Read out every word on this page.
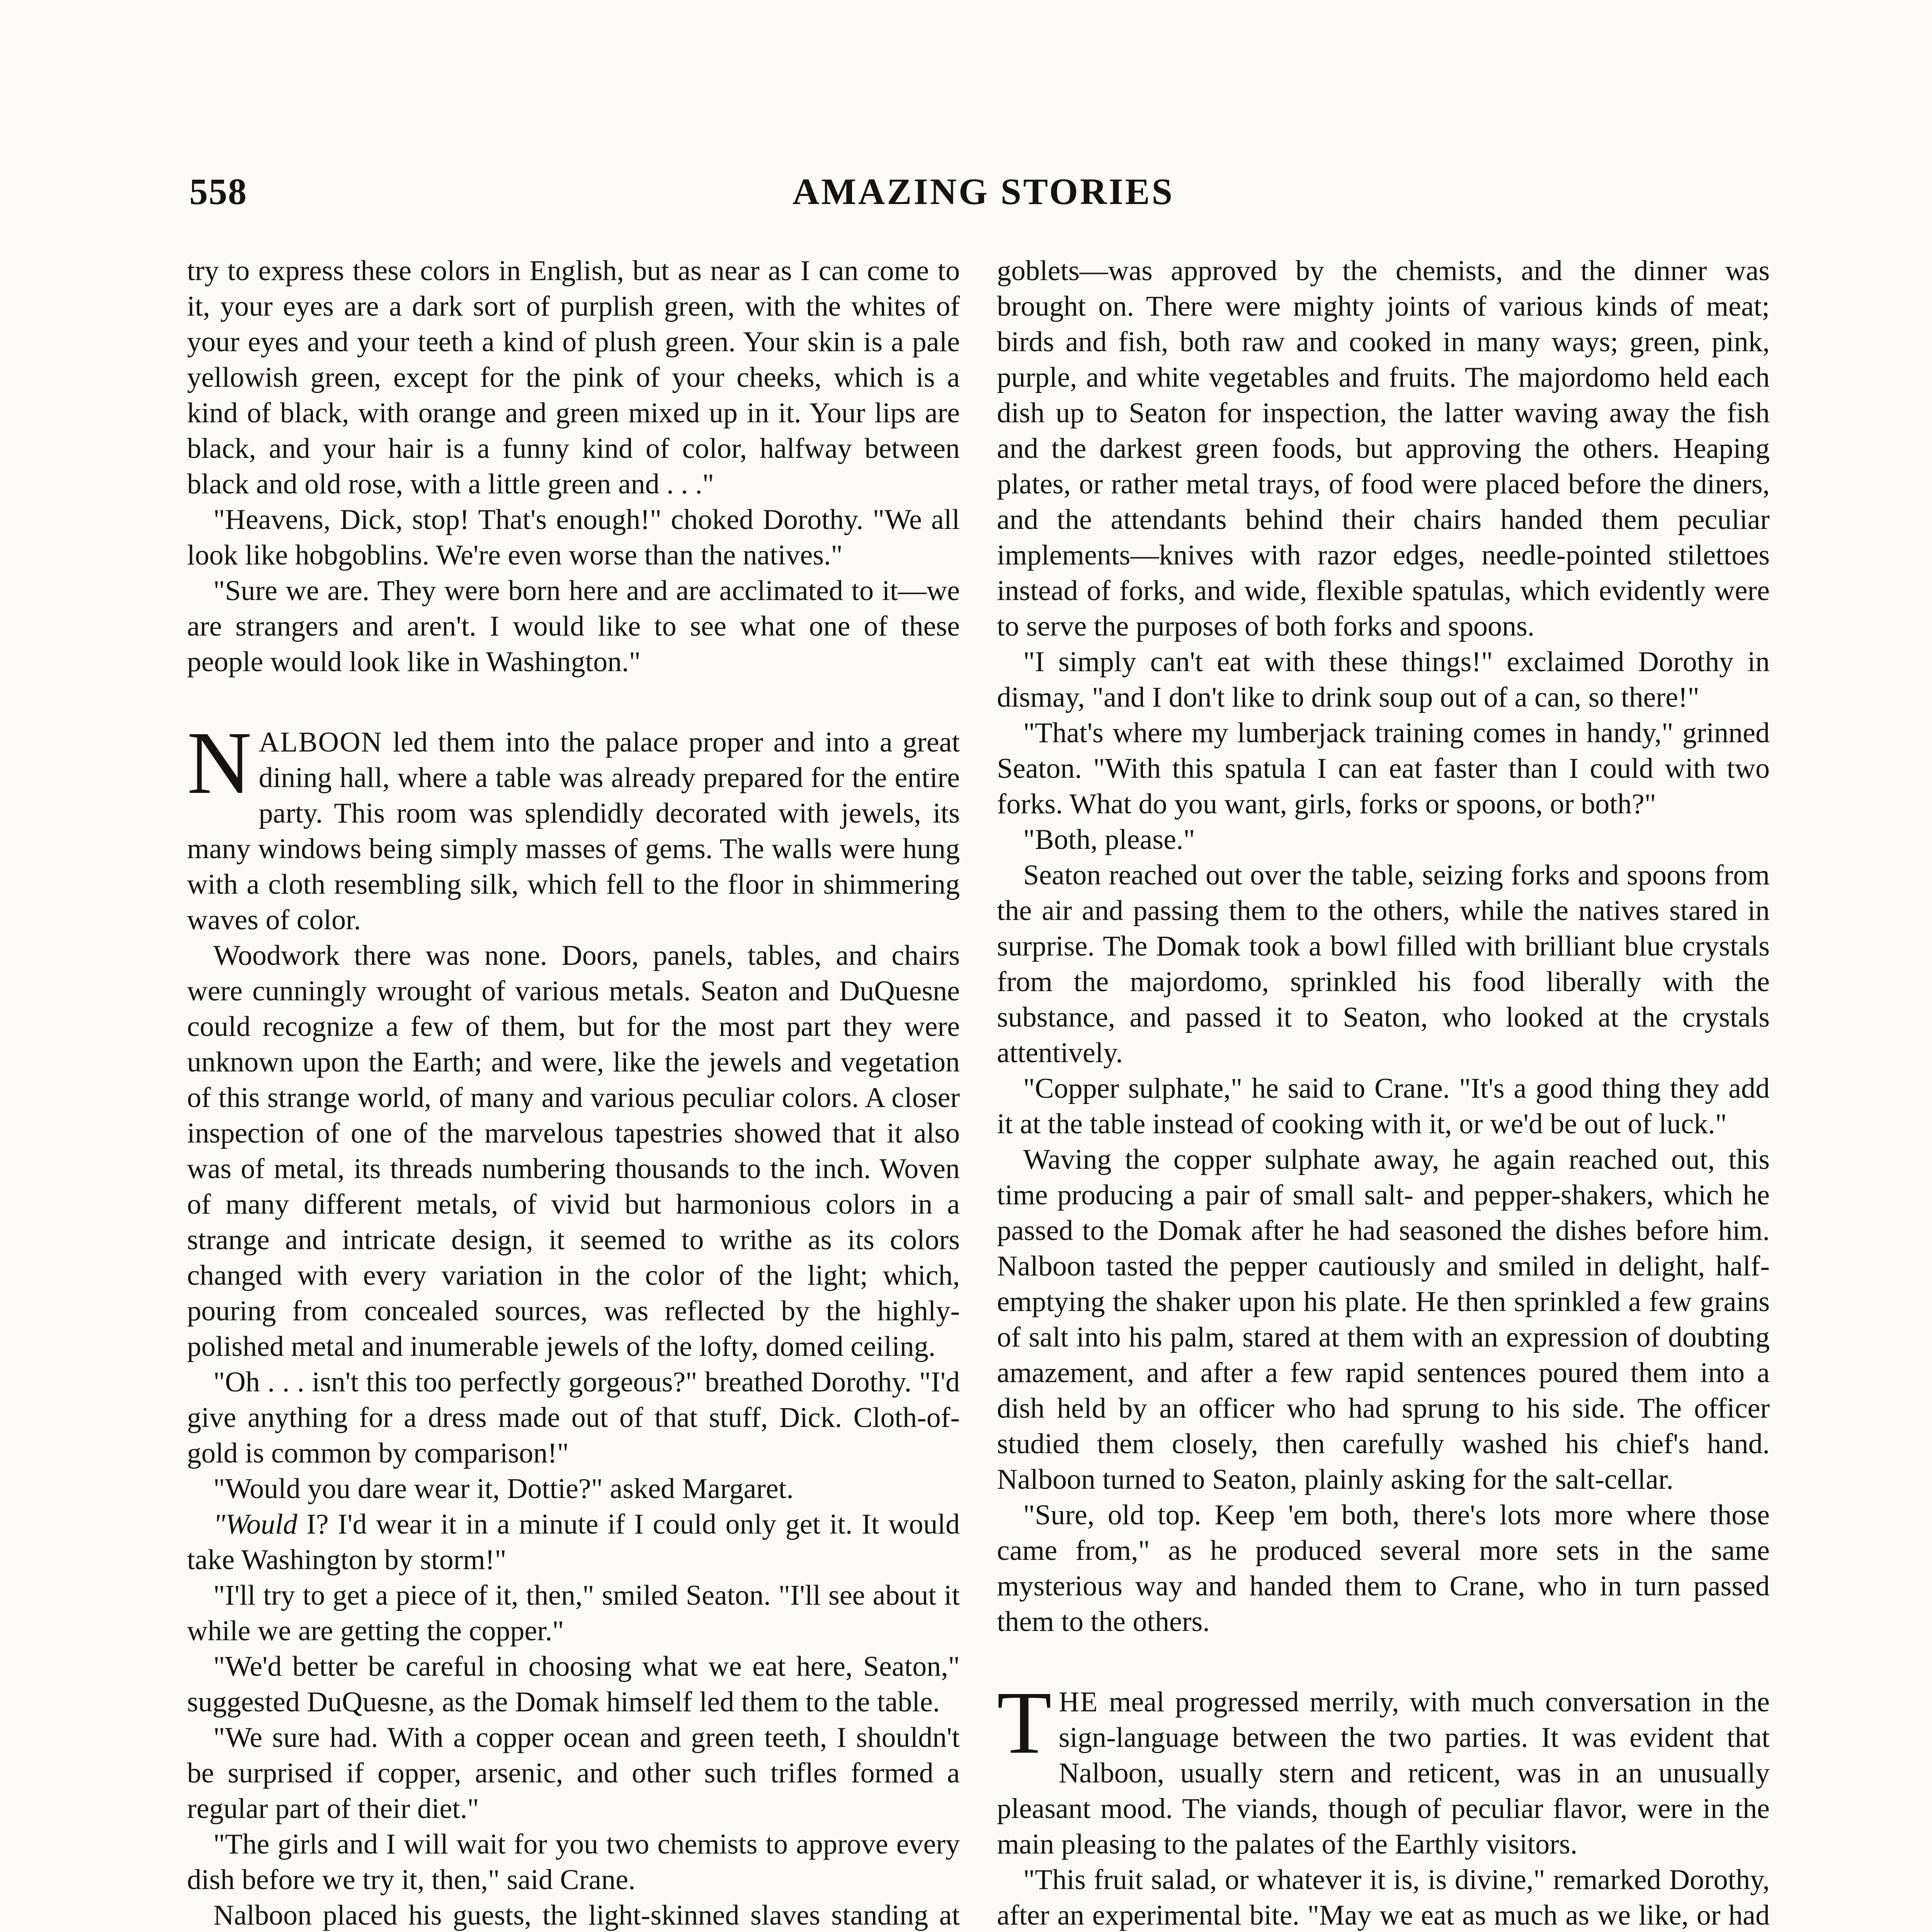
558	AMAZING STORIES

try to express these colors in English, but as near as I can come to it, your eyes are a dark sort of purplish green, with the whites of your eyes and your teeth a kind of plush green. Your skin is a pale yellowish green, except for the pink of your cheeks, which is a kind of black, with orange and green mixed up in it. Your lips are black, and your hair is a funny kind of color, halfway between black and old rose, with a little green and . . ."

"Heavens, Dick, stop! That's enough!" choked Dorothy. "We all look like hobgoblins. We're even worse than the natives."

"Sure we are. They were born here and are acclimated to it—we are strangers and aren't. I would like to see what one of these people would look like in Washington."

NALBOON led them into the palace proper and into a great dining hall, where a table was already prepared for the entire party. This room was splendidly decorated with jewels, its many windows being simply masses of gems. The walls were hung with a cloth resembling silk, which fell to the floor in shimmering waves of color.

Woodwork there was none. Doors, panels, tables, and chairs were cunningly wrought of various metals. Seaton and DuQuesne could recognize a few of them, but for the most part they were unknown upon the Earth; and were, like the jewels and vegetation of this strange world, of many and various peculiar colors. A closer inspection of one of the marvelous tapestries showed that it also was of metal, its threads numbering thousands to the inch. Woven of many different metals, of vivid but harmonious colors in a strange and intricate design, it seemed to writhe as its colors changed with every variation in the color of the light; which, pouring from concealed sources, was reflected by the highly-polished metal and inumerable jewels of the lofty, domed ceiling.

"Oh . . . isn't this too perfectly gorgeous?" breathed Dorothy. "I'd give anything for a dress made out of that stuff, Dick. Cloth-of-gold is common by comparison!"

"Would you dare wear it, Dottie?" asked Margaret.

"Would I? I'd wear it in a minute if I could only get it. It would take Washington by storm!"

"I'll try to get a piece of it, then," smiled Seaton. "I'll see about it while we are getting the copper."

"We'd better be careful in choosing what we eat here, Seaton," suggested DuQuesne, as the Domak himself led them to the table.

"We sure had. With a copper ocean and green teeth, I shouldn't be surprised if copper, arsenic, and other such trifles formed a regular part of their diet."

"The girls and I will wait for you two chemists to approve every dish before we try it, then," said Crane.

Nalboon placed his guests, the light-skinned slaves standing at

goblets—was approved by the chemists, and the dinner was brought on. There were mighty joints of various kinds of meat; birds and fish, both raw and cooked in many ways; green, pink, purple, and white vegetables and fruits. The majordomo held each dish up to Seaton for inspection, the latter waving away the fish and the darkest green foods, but approving the others. Heaping plates, or rather metal trays, of food were placed before the diners, and the attendants behind their chairs handed them peculiar implements—knives with razor edges, needle-pointed stilettoes instead of forks, and wide, flexible spatulas, which evidently were to serve the purposes of both forks and spoons.

"I simply can't eat with these things!" exclaimed Dorothy in dismay, "and I don't like to drink soup out of a can, so there!"

"That's where my lumberjack training comes in handy," grinned Seaton. "With this spatula I can eat faster than I could with two forks. What do you want, girls, forks or spoons, or both?"

"Both, please."

Seaton reached out over the table, seizing forks and spoons from the air and passing them to the others, while the natives stared in surprise. The Domak took a bowl filled with brilliant blue crystals from the majordomo, sprinkled his food liberally with the substance, and passed it to Seaton, who looked at the crystals attentively.

"Copper sulphate," he said to Crane. "It's a good thing they add it at the table instead of cooking with it, or we'd be out of luck."

Waving the copper sulphate away, he again reached out, this time producing a pair of small salt- and pepper-shakers, which he passed to the Domak after he had seasoned the dishes before him. Nalboon tasted the pepper cautiously and smiled in delight, half-emptying the shaker upon his plate. He then sprinkled a few grains of salt into his palm, stared at them with an expression of doubting amazement, and after a few rapid sentences poured them into a dish held by an officer who had sprung to his side. The officer studied them closely, then carefully washed his chief's hand. Nalboon turned to Seaton, plainly asking for the salt-cellar.

"Sure, old top. Keep 'em both, there's lots more where those came from," as he produced several more sets in the same mysterious way and handed them to Crane, who in turn passed them to the others.

THE meal progressed merrily, with much conversation in the sign-language between the two parties. It was evident that Nalboon, usually stern and reticent, was in an unusually pleasant mood. The viands, though of peculiar flavor, were in the main pleasing to the palates of the Earthly visitors.

"This fruit salad, or whatever it is, is divine," remarked Dorothy, after an experimental bite. "May we eat as much as we like, or had
